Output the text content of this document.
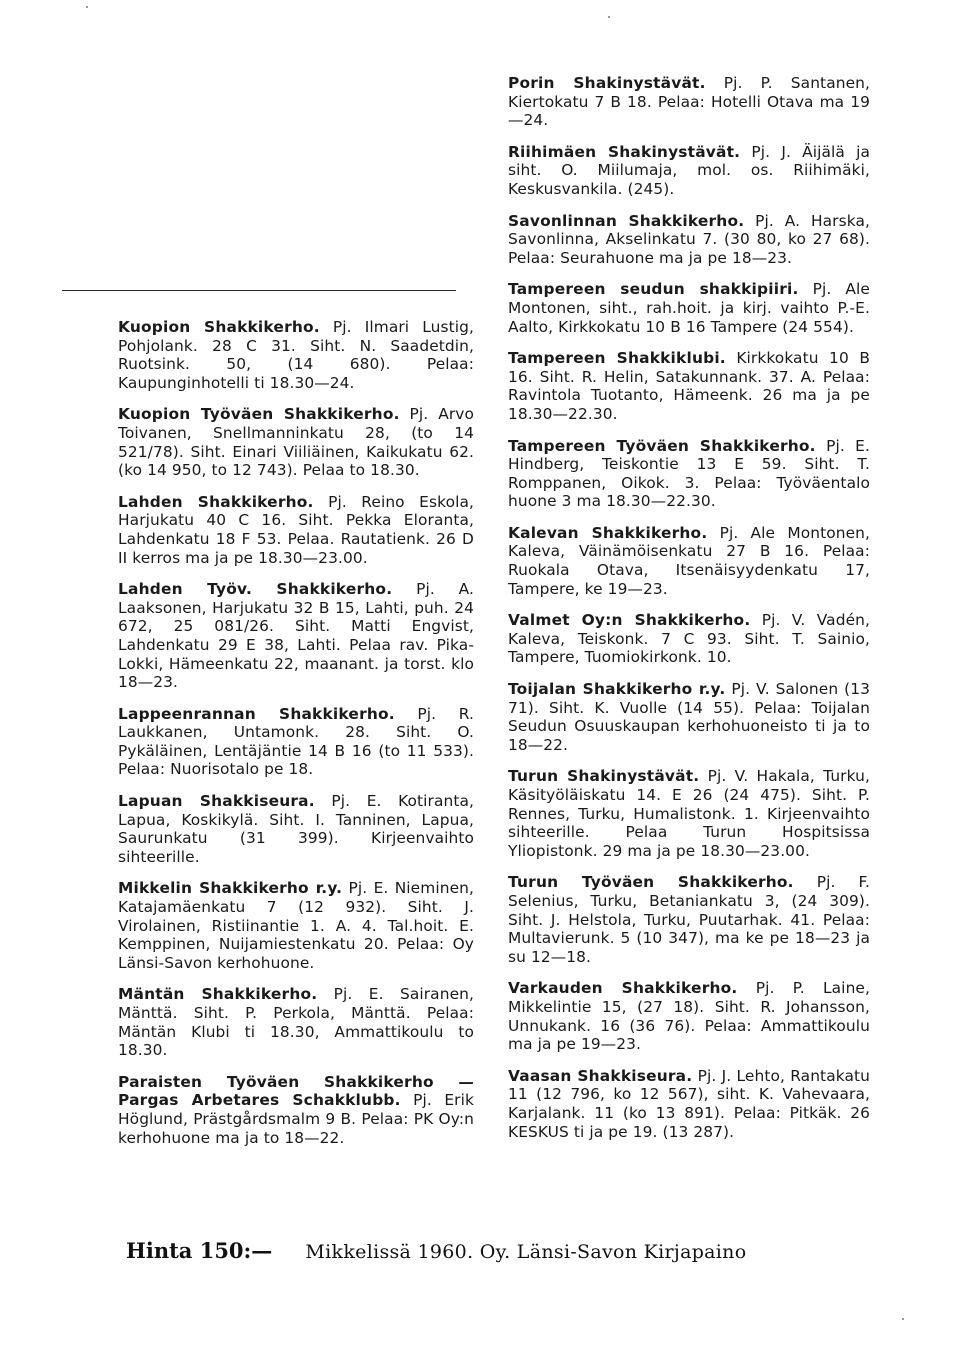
Kuopion Shakkikerho. Pj. Ilmari Lustig, Pohjolank. 28 C 31. Siht. N. Saadetdin, Ruotsink. 50, (14 680). Pelaa: Kaupunginhotelli ti 18.30—24.

Kuopion Työväen Shakkikerho. Pj. Arvo Toivanen, Snellmanninkatu 28, (to 14 521/78). Siht. Einari Viiliäinen, Kaikukatu 62. (ko 14 950, to 12 743). Pelaa to 18.30.

Lahden Shakkikerho. Pj. Reino Eskola, Harjukatu 40 C 16. Siht. Pekka Eloranta, Lahdenkatu 18 F 53. Pelaa. Rautatienk. 26 D II kerros ma ja pe 18.30—23.00.

Lahden Työv. Shakkikerho. Pj. A. Laaksonen, Harjukatu 32 B 15, Lahti, puh. 24 672, 25 081/26. Siht. Matti Engvist, Lahdenkatu 29 E 38, Lahti. Pelaa rav. Pika-Lokki, Hämeenkatu 22, maanant. ja torst. klo 18—23.

Lappeenrannan Shakkikerho. Pj. R. Laukkanen, Untamonk. 28. Siht. O. Pykäläinen, Lentäjäntie 14 B 16 (to 11 533). Pelaa: Nuorisotalo pe 18.

Lapuan Shakkiseura. Pj. E. Kotiranta, Lapua, Koskikylä. Siht. I. Tanninen, Lapua, Saurunkatu (31 399). Kirjeenvaihto sihteerille.

Mikkelin Shakkikerho r.y. Pj. E. Nieminen, Katajamäenkatu 7 (12 932). Siht. J. Virolainen, Ristiinantie 1. A. 4. Tal.hoit. E. Kemppinen, Nuijamiestenkatu 20. Pelaa: Oy Länsi-Savon kerhohuone.

Mäntän Shakkikerho. Pj. E. Sairanen, Mänttä. Siht. P. Perkola, Mänttä. Pelaa: Mäntän Klubi ti 18.30, Ammattikoulu to 18.30.

Paraisten Työväen Shakkikerho — Pargas Arbetares Schakklubb. Pj. Erik Höglund, Prästgårdsmalm 9 B. Pelaa: PK Oy:n kerhohuone ma ja to 18—22.

Porin Shakinystävät. Pj. P. Santanen, Kiertokatu 7 B 18. Pelaa: Hotelli Otava ma 19—24.

Riihimäen Shakinystävät. Pj. J. Äijälä ja siht. O. Miilumaja, mol. os. Riihimäki, Keskusvankila. (245).

Savonlinnan Shakkikerho. Pj. A. Harska, Savonlinna, Akselinkatu 7. (30 80, ko 27 68). Pelaa: Seurahuone ma ja pe 18—23.

Tampereen seudun shakkipiiri. Pj. Ale Montonen, siht., rah.hoit. ja kirj. vaihto P.-E. Aalto, Kirkkokatu 10 B 16 Tampere (24 554).

Tampereen Shakkiklubi. Kirkkokatu 10 B 16. Siht. R. Helin, Satakunnank. 37. A. Pelaa: Ravintola Tuotanto, Hämeenk. 26 ma ja pe 18.30—22.30.

Tampereen Työväen Shakkikerho. Pj. E. Hindberg, Teiskontie 13 E 59. Siht. T. Romppanen, Oikok. 3. Pelaa: Työväentalo huone 3 ma 18.30—22.30.

Kalevan Shakkikerho. Pj. Ale Montonen, Kaleva, Väinämöisenkatu 27 B 16. Pelaa: Ruokala Otava, Itsenäisyydenkatu 17, Tampere, ke 19—23.

Valmet Oy:n Shakkikerho. Pj. V. Vadén, Kaleva, Teiskonk. 7 C 93. Siht. T. Sainio, Tampere, Tuomiokirkonk. 10.

Toijalan Shakkikerho r.y. Pj. V. Salonen (13 71). Siht. K. Vuolle (14 55). Pelaa: Toijalan Seudun Osuuskaupan kerhohuoneisto ti ja to 18—22.

Turun Shakinystävät. Pj. V. Hakala, Turku, Käsityöläiskatu 14. E 26 (24 475). Siht. P. Rennes, Turku, Humalistonk. 1. Kirjeenvaihto sihteerille. Pelaa Turun Hospitsissa Yliopistonk. 29 ma ja pe 18.30—23.00.

Turun Työväen Shakkikerho. Pj. F. Selenius, Turku, Betaniankatu 3, (24 309). Siht. J. Helstola, Turku, Puutarhak. 41. Pelaa: Multavierunk. 5 (10 347), ma ke pe 18—23 ja su 12—18.

Varkauden Shakkikerho. Pj. P. Laine, Mikkelintie 15, (27 18). Siht. R. Johansson, Unnukank. 16 (36 76). Pelaa: Ammattikoulu ma ja pe 19—23.

Vaasan Shakkiseura. Pj. J. Lehto, Rantakatu 11 (12 796, ko 12 567), siht. K. Vahevaara, Karjalank. 11 (ko 13 891). Pelaa: Pitkäk. 26 KESKUS ti ja pe 19. (13 287).

Hinta 150:— Mikkelissä 1960. Oy. Länsi-Savon Kirjapaino
